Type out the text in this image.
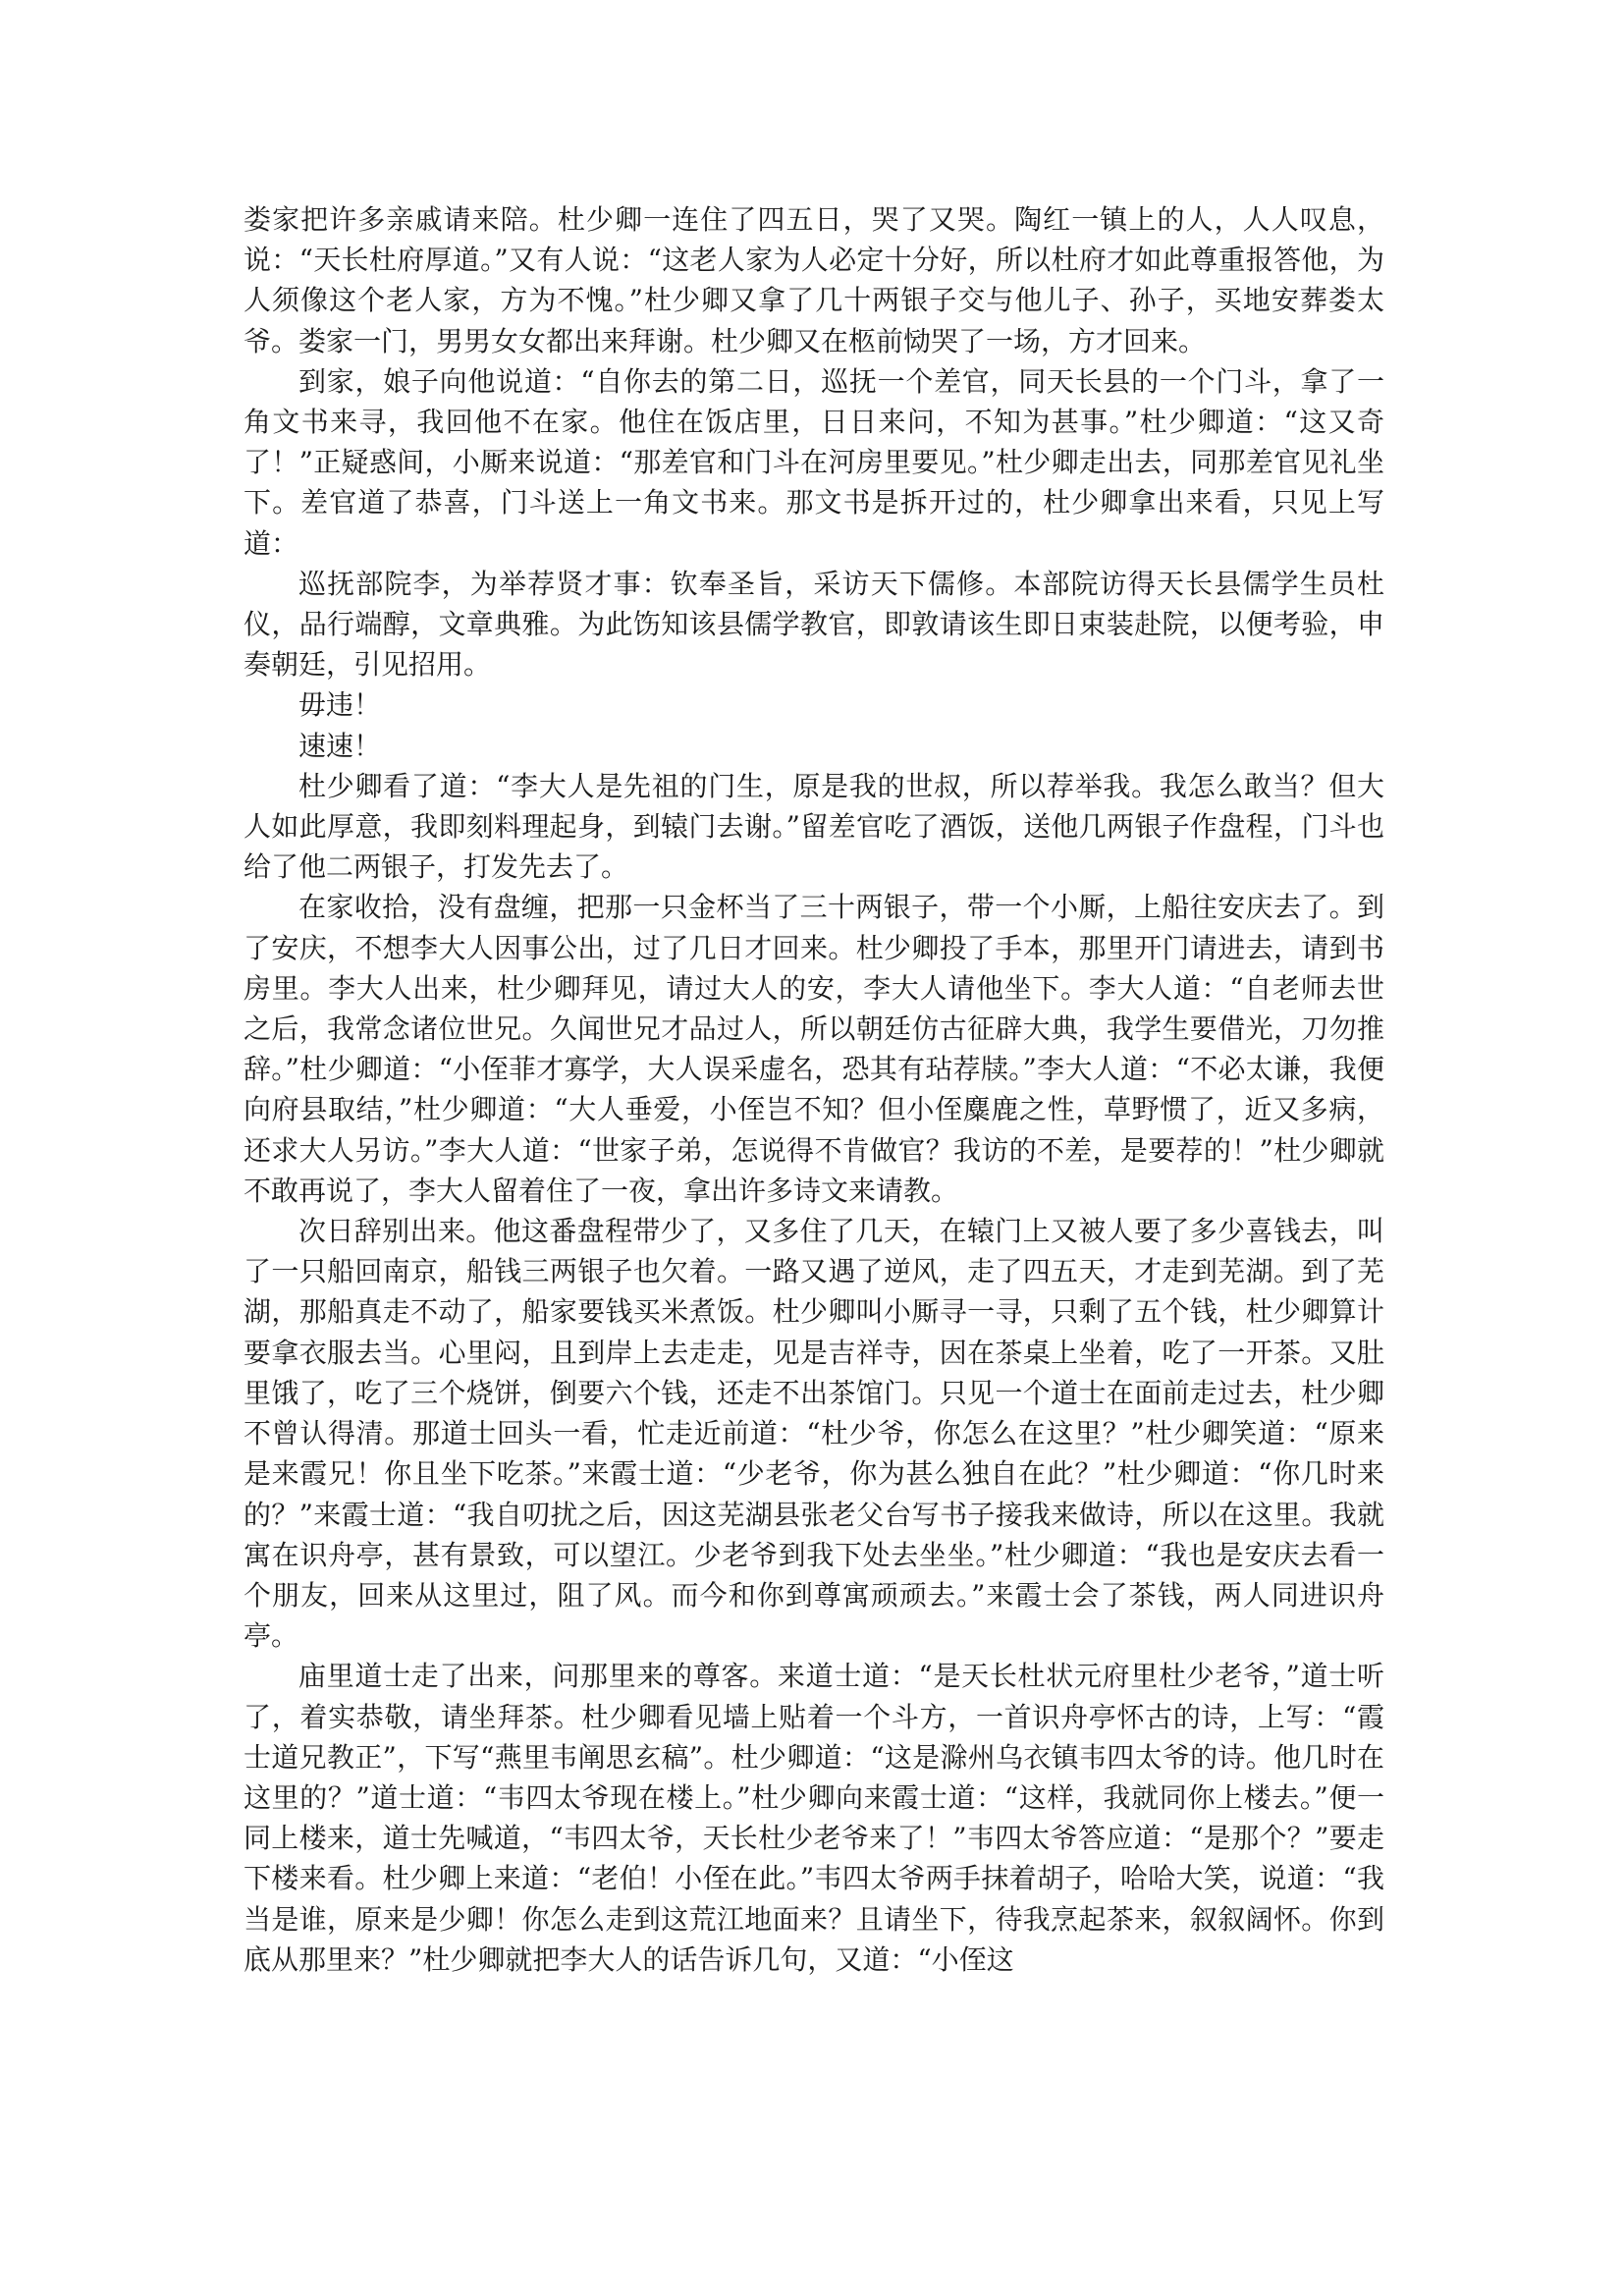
娄家把许多亲戚请来陪。杜少卿一连住了四五日，哭了又哭。陶红一镇上的人，人人叹息，说：“天长杜府厚道。”又有人说：“这老人家为人必定十分好，所以杜府才如此尊重报答他，为人须像这个老人家，方为不愧。”杜少卿又拿了几十两银子交与他儿子、孙子，买地安葬娄太爷。娄家一门，男男女女都出来拜谢。杜少卿又在柩前恸哭了一场，方才回来。

到家，娘子向他说道：“自你去的第二日，巡抚一个差官，同天长县的一个门斗，拿了一角文书来寻，我回他不在家。他住在饭店里，日日来问，不知为甚事。”杜少卿道：“这又奇了！”正疑惑间，小厮来说道：“那差官和门斗在河房里要见。”杜少卿走出去，同那差官见礼坐下。差官道了恭喜，门斗送上一角文书来。那文书是拆开过的，杜少卿拿出来看，只见上写道：

巡抚部院李，为举荐贤才事：钦奉圣旨，采访天下儒修。本部院访得天长县儒学生员杜仪，品行端醇，文章典雅。为此饬知该县儒学教官，即敦请该生即日束装赴院，以便考验，申奏朝廷，引见招用。

毋违！

速速！

杜少卿看了道：“李大人是先祖的门生，原是我的世叔，所以荐举我。我怎么敢当？但大人如此厚意，我即刻料理起身，到辕门去谢。”留差官吃了酒饭，送他几两银子作盘程，门斗也给了他二两银子，打发先去了。

在家收拾，没有盘缠，把那一只金杯当了三十两银子，带一个小厮，上船往安庆去了。到了安庆，不想李大人因事公出，过了几日才回来。杜少卿投了手本，那里开门请进去，请到书房里。李大人出来，杜少卿拜见，请过大人的安，李大人请他坐下。李大人道：“自老师去世之后，我常念诸位世兄。久闻世兄才品过人，所以朝廷仿古征辟大典，我学生要借光，刀勿推辞。”杜少卿道：“小侄菲才寡学，大人误采虚名，恐其有玷荐牍。”李大人道：“不必太谦，我便向府县取结，”杜少卿道：“大人垂爱，小侄岂不知？但小侄麋鹿之性，草野惯了，近又多病，还求大人另访。”李大人道：“世家子弟，怎说得不肯做官？我访的不差，是要荐的！”杜少卿就不敢再说了，李大人留着住了一夜，拿出许多诗文来请教。

次日辞别出来。他这番盘程带少了，又多住了几天，在辕门上又被人要了多少喜钱去，叫了一只船回南京，船钱三两银子也欠着。一路又遇了逆风，走了四五天，才走到芜湖。到了芜湖，那船真走不动了，船家要钱买米煮饭。杜少卿叫小厮寻一寻，只剩了五个钱，杜少卿算计要拿衣服去当。心里闷，且到岸上去走走，见是吉祥寺，因在茶桌上坐着，吃了一开茶。又肚里饿了，吃了三个烧饼，倒要六个钱，还走不出茶馆门。只见一个道士在面前走过去，杜少卿不曾认得清。那道士回头一看，忙走近前道：“杜少爷，你怎么在这里？”杜少卿笑道：“原来是来霞兄！你且坐下吃茶。”来霞士道：“少老爷，你为甚么独自在此？”杜少卿道：“你几时来的？”来霞士道：“我自叨扰之后，因这芜湖县张老父台写书子接我来做诗，所以在这里。我就寓在识舟亭，甚有景致，可以望江。少老爷到我下处去坐坐。”杜少卿道：“我也是安庆去看一个朋友，回来从这里过，阻了风。而今和你到尊寓顽顽去。”来霞士会了茶钱，两人同进识舟亭。

庙里道士走了出来，问那里来的尊客。来道士道：“是天长杜状元府里杜少老爷，”道士听了，着实恭敬，请坐拜茶。杜少卿看见墙上贴着一个斗方，一首识舟亭怀古的诗，上写：“霞士道兄教正”，下写“燕里韦阐思玄稿”。杜少卿道：“这是滁州乌衣镇韦四太爷的诗。他几时在这里的？”道士道：“韦四太爷现在楼上。”杜少卿向来霞士道：“这样，我就同你上楼去。”便一同上楼来，道士先喊道，“韦四太爷，天长杜少老爷来了！”韦四太爷答应道：“是那个？”要走下楼来看。杜少卿上来道：“老伯！小侄在此。”韦四太爷两手抹着胡子，哈哈大笑，说道：“我当是谁，原来是少卿！你怎么走到这荒江地面来？且请坐下，待我烹起茶来，叙叙阔怀。你到底从那里来？”杜少卿就把李大人的话告诉几句，又道：“小侄这
